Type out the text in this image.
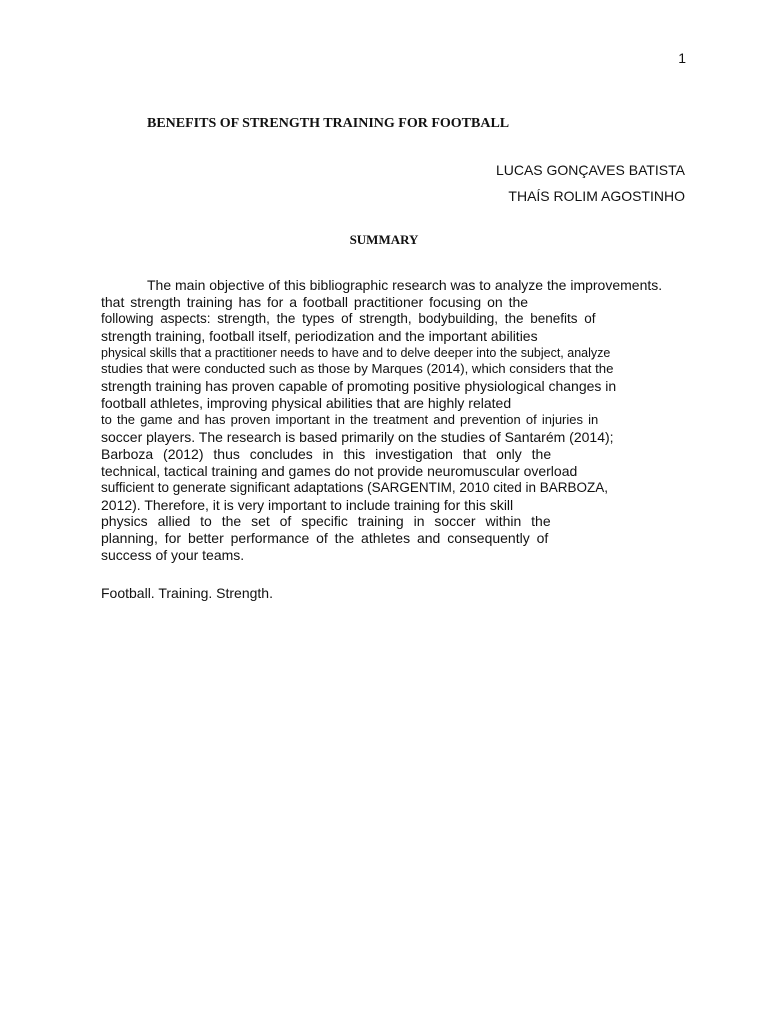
1
BENEFITS OF STRENGTH TRAINING FOR FOOTBALL
LUCAS GONÇAVES BATISTA
THAÍS ROLIM AGOSTINHO
SUMMARY
The main objective of this bibliographic research was to analyze the improvements.
that strength training has for a football practitioner focusing on the
following aspects: strength, the types of strength, bodybuilding, the benefits of
strength training, football itself, periodization and the important abilities
physical skills that a practitioner needs to have and to delve deeper into the subject, analyze
studies that were conducted such as those by Marques (2014), which considers that the
strength training has proven capable of promoting positive physiological changes in
football athletes, improving physical abilities that are highly related
to the game and has proven important in the treatment and prevention of injuries in
soccer players. The research is based primarily on the studies of Santarém (2014);
Barboza (2012) thus concludes in this investigation that only the
technical, tactical training and games do not provide neuromuscular overload
sufficient to generate significant adaptations (SARGENTIM, 2010 cited in BARBOZA,
2012). Therefore, it is very important to include training for this skill
physics allied to the set of specific training in soccer within the
planning, for better performance of the athletes and consequently of
success of your teams.
Football. Training. Strength.
